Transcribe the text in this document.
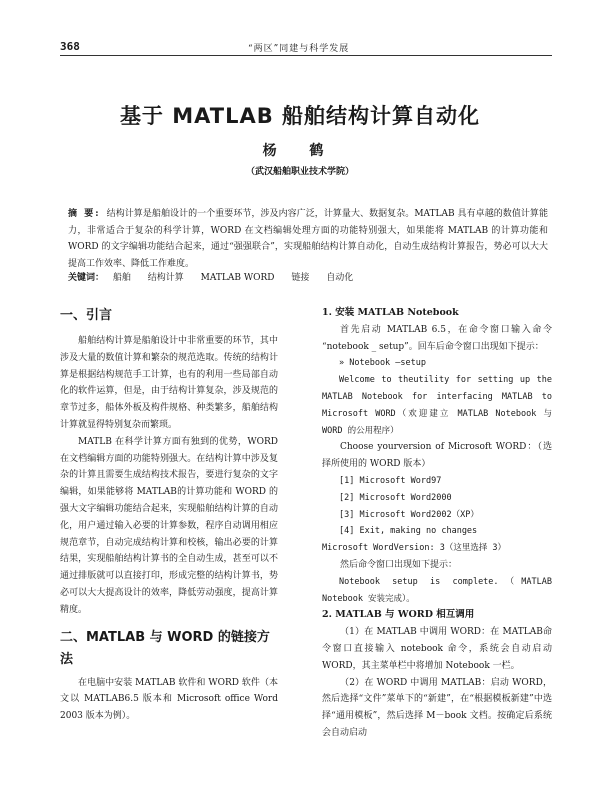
368	“两区”同建与科学发展
基于 MATLAB 船舶结构计算自动化
杨 鹤
（武汉船舶职业技术学院）
摘 要: 结构计算是船舶设计的一个重要环节，涉及内容广泛，计算量大、数据复杂。MATLAB 具有卓越的数值计算能力，非常适合于复杂的科学计算，WORD 在文档编辑处理方面的功能特别强大，如果能将 MATLAB 的计算功能和 WORD 的文字编辑功能结合起来，通过“强强联合”，实现船舶结构计算自动化，自动生成结构计算报告，势必可以大大提高工作效率、降低工作难度。
关键词： 船舶 结构计算 MATLAB WORD 链接 自动化
一、引言

船舶结构计算是船舶设计中非常重要的环节，其中涉及大量的数值计算和繁杂的规范选取。传统的结构计算是根据结构规范手工计算，也有的利用一些局部自动化的软件运算，但是，由于结构计算复杂，涉及规范的章节过多，船体外板及构件规格、种类繁多，船舶结构计算就显得特别复杂而繁琐。

MATLB 在科学计算方面有独到的优势，WORD 在文档编辑方面的功能特别强大。在结构计算中涉及复杂的计算且需要生成结构技术报告，要进行复杂的文字编辑，如果能够将 MATLAB的计算功能和 WORD 的强大文字编辑功能结合起来，实现船舶结构计算的自动化，用户通过输入必要的计算参数，程序自动调用相应规范章节，自动完成结构计算和校核，输出必要的计算结果，实现船舶结构计算书的全自动生成，甚至可以不通过排版就可以直接打印，形成完整的结构计算书，势必可以大大提高设计的效率，降低劳动强度，提高计算精度。

二、MATLAB 与 WORD 的链接方法

在电脑中安装 MATLAB 软件和 WORD 软件（本文以 MATLAB6.5 版本和 Microsoft office Word 2003 版本为例）。

1. 安装 MATLAB Notebook

首先启动 MATLAB 6.5，在命令窗口输入命令 “notebook _ setup”。回车后命令窗口出现如下提示：

» Notebook –setup

Welcome to theutility for setting up the MATLAB Notebook for interfacing MATLAB to Microsoft WORD（欢迎建立 MATLAB Notebook 与 WORD 的公用程序）

Choose yourversion of Microsoft WORD：（选择所使用的 WORD 版本）

[1] Microsoft Word97

[2] Microsoft Word2000

[3] Microsoft Word2002（XP）

[4] Exit, making no changes

Microsoft WordVersion: 3（这里选择 3）

然后命令窗口出现如下提示：

Notebook setup is complete.（MATLAB Notebook 安装完成）。

2. MATLAB 与 WORD 相互调用

（1）在 MATLAB 中调用 WORD：在 MATLAB命令窗口直接输入 notebook 命令，系统会自动启动 WORD，其主菜单栏中将增加 Notebook 一栏。

（2）在 WORD 中调用 MATLAB：启动 WORD，然后选择“文件”菜单下的“新建”，在“根据模板新建”中选择“通用模板”，然后选择 M－book 文档。按确定后系统会自动启动
